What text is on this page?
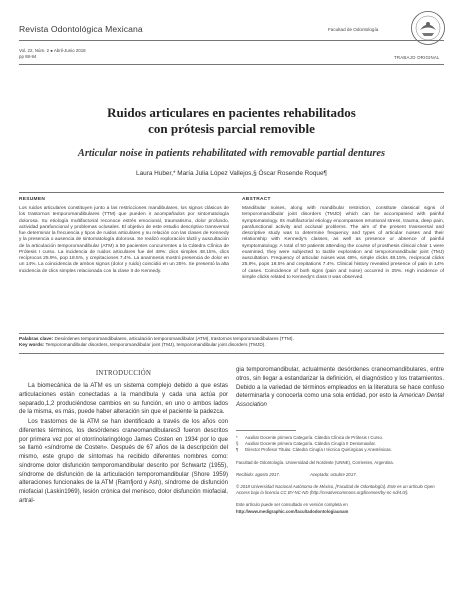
Revista Odontológica Mexicana	Facultad de Odontología
Vol. 22, Núm. 2 ● Abril-Junio 2018
pp 88-94	TRABAJO ORIGINAL
Ruidos articulares en pacientes rehabilitados
con prótesis parcial removible
Articular noise in patients rehabilitated with removable partial dentures
Laura Huber,* María Julia López Vallejos,§ Óscar Rosende Roque¶
RESUMEN	ABSTRACT
Los ruidos articulares constituyen junto a las restricciones mandibulares, los signos clásicos de los trastornos temporomandibulares (TTM) que pueden ir acompañados por sintomatología dolorosa. Su etiología multifactorial reconoce estrés emocional, traumatismo, dolor profundo, actividad parafuncional y problemas oclusales. El objetivo de este estudio descriptivo transversal fue determinar la frecuencia y tipos de ruidos articulares y su relación con las clases de Kennedy y la presencia o ausencia de sintomatología dolorosa. Se realizó exploración táctil y auscultación de la articulación temporomandibular (ATM) a 50 pacientes concurrentes a la Cátedra Clínica de Prótesis I curso. La incidencia de ruidos articulares fue del 48%: clics simples 48.15%, clics recíprocos 25.9%, pop 18.5%, y crepitaciones 7.4%. La anamnesis mostró presencia de dolor en un 14%. La coincidencia de ambos signos (dolor y ruido) coincidió en un 25%. Se presentó la alta incidencia de clics simples relacionada con la clase II de Kennedy.
Mandibular noises, along with mandibular restriction, constitute classical signs of temporomandibular joint disorders (TMJD) which can be accompanied with painful symptomatology. Its multifactorial etiology encompasses emotional stress, trauma, deep pain, parafunctional activity and occlusal problems. The aim of the present transversal and descriptive study was to determine frequency and types of articular noises and their relationship with Kennedy's classes, as well as presence or absence of painful symptomatology. A total of 50 patients attending the course of prosthesis clinical chair 1 were examined, they were subjected to tactile exploration and temporomandibular joint (TMJ) auscultation. Frequency of articular noises was 48%, simple clicks 48.15%, reciprocal clicks 25.9%, pops 18.5% and crepitations 7.4%. Clinical history revealed presence of pain in 14% of cases. Coincidence of both signs (pain and noise) occurred in 25%. High incidence of simple clicks related to Kennedy's class II was observed.
Palabras clave: Desórdenes temporomandibulares, articulación temporomandibular (ATM), trastornos temporomandibulares (TTM).
Key words: Temporomandibular disorders, temporomandibular joint (TMJ), temporomandibular joint disorders (TMJD).
INTRODUCCIÓN

La biomecánica de la ATM es un sistema complejo debido a que estas articulaciones están conectadas a la mandíbula y cada una actúa por separado,1,2 produciéndose cambios en su función, en uno o ambos lados de la misma, es más, puede haber alteración sin que el paciente la padezca.

Los trastornos de la ATM se han identificado a través de los años con diferentes términos, los desórdenes craneomandibulares3 fueron descritos por primera vez por el otorrinolaringólogo James Costen en 1934 por lo que se llamó «síndrome de Costen». Después de 67 años de la descripción del mismo, este grupo de síntomas ha recibido diferentes nombres como: síndrome dolor disfunción temporomandibular descrito por Schwartz (1955), síndrome de disfunción de la articulación temporomandibular (Shore 1959) alteraciones funcionales de la ATM (Ramfjord y Ash), síndrome de disfunción miofacial (Laskin1969), lesión crónica del menisco, dolor disfunción miofacial, artral-

gia temporomandibular, actualmente desórdenes craneomandibulares, entre otros, sin llegar a estandarizar la definición, el diagnóstico y los tratamientos. Debido a la variedad de términos empleados en la literatura se hace confuso determinarla y conocerla como una sola entidad, por esto la American Dental Association

*	Auxiliar Docente primera Categoría. Cátedra Clínica de Prótesis I Curso.
§	Auxiliar Docente primera Categoría. Cátedra Cirugía II Dentomaxilar.
¶	Director Profesor Titular. Cátedra Cirugía I técnica Quirúrgicas y Anestésicas.

Facultad de Odontología. Universidad del Nordeste (UNNE), Corrientes, Argentina.

Recibido: agosto 2017.	Aceptado: octubre 2017.

© 2018 Universidad Nacional Autónoma de México, [Facultad de Odontología]. Este es un artículo Open Access bajo la licencia CC BY-NC-ND (http://creativecommons.org/licenses/by-nc-nd/4.0/).

Este artículo puede ser consultado en versión completa en

http://www.medigraphic.com/facultadodontologiaunam
